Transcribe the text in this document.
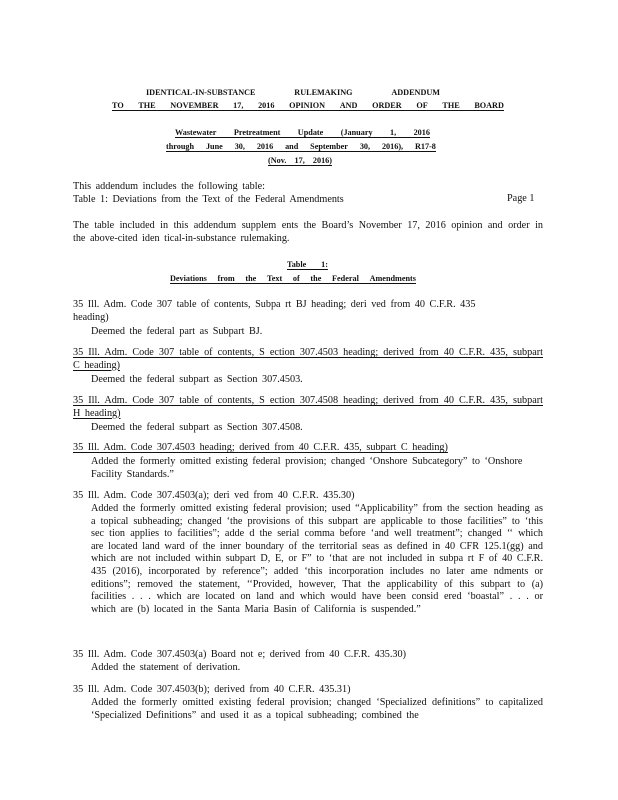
IDENTICAL-IN-SUBSTANCE	RULEMAKING	ADDENDUM
TO THE NOVEMBER 17, 2016 OPINION AND ORDER OF THE BOARD
Wastewater Pretreatment Update (January 1, 2016
through June 30, 2016 and September 30, 2016), R17-8
(Nov. 17, 2016)
This addendum includes the following table:
Table 1: Deviations from the Text of the Federal Amendments	Page 1
The table included in this addendum supplem ents the Board’s November 17, 2016 opinion and order in the above-cited iden tical-in-substance rulemaking.
Table 1:
Deviations from the Text of the Federal Amendments
35 Ill. Adm. Code 307 table of contents, Subpa rt BJ heading; deri ved from 40 C.F.R. 435 heading)
Deemed the federal part as Subpart BJ.
35 Ill. Adm. Code 307 table of contents, S ection 307.4503 heading; derived from 40 C.F.R. 435, subpart C heading)
Deemed the federal subpart as Section 307.4503.
35 Ill. Adm. Code 307 table of contents, S ection 307.4508 heading; derived from 40 C.F.R. 435, subpart H heading)
Deemed the federal subpart as Section 307.4508.
35 Ill. Adm. Code 307.4503 heading; derived from 40 C.F.R. 435, subpart C heading)
Added the formerly omitted existing federal provision; changed ‘Onshore Subcategory” to ‘Onshore Facility Standards.”
35 Ill. Adm. Code 307.4503(a); deri ved from 40 C.F.R. 435.30)
Added the formerly omitted existing federal provision; used “Applicability” from the section heading as a topical subheading; changed ‘the provisions of this subpart are applicable to those facilities” to ‘this sec tion applies to facilities”; adde d the serial comma before ‘and well treatment”; changed ‘‘ which are located land ward of the inner boundary of the territorial seas as defined in 40 CFR 125.1(gg) and which are not included within subpart D, E, or F” to ‘that are not included in subpa rt F of 40 C.F.R. 435 (2016), incorporated by reference”; added ‘this incorporation includes no later ame ndments or editions”; removed the statement, ‘‘Provided, however, That the applicability of this subpart to (a) facilities . . . which are located on land and which would have been consid ered ‘boastal” . . . or which are (b) located in the Santa Maria Basin of California is suspended.”
35 Ill. Adm. Code 307.4503(a) Board not e; derived from 40 C.F.R. 435.30)
Added the statement of derivation.
35 Ill. Adm. Code 307.4503(b); derived from 40 C.F.R. 435.31)
Added the formerly omitted existing federal provision; changed ‘Specialized definitions” to capitalized ‘Specialized Definitions” and used it as a topical subheading; combined the
